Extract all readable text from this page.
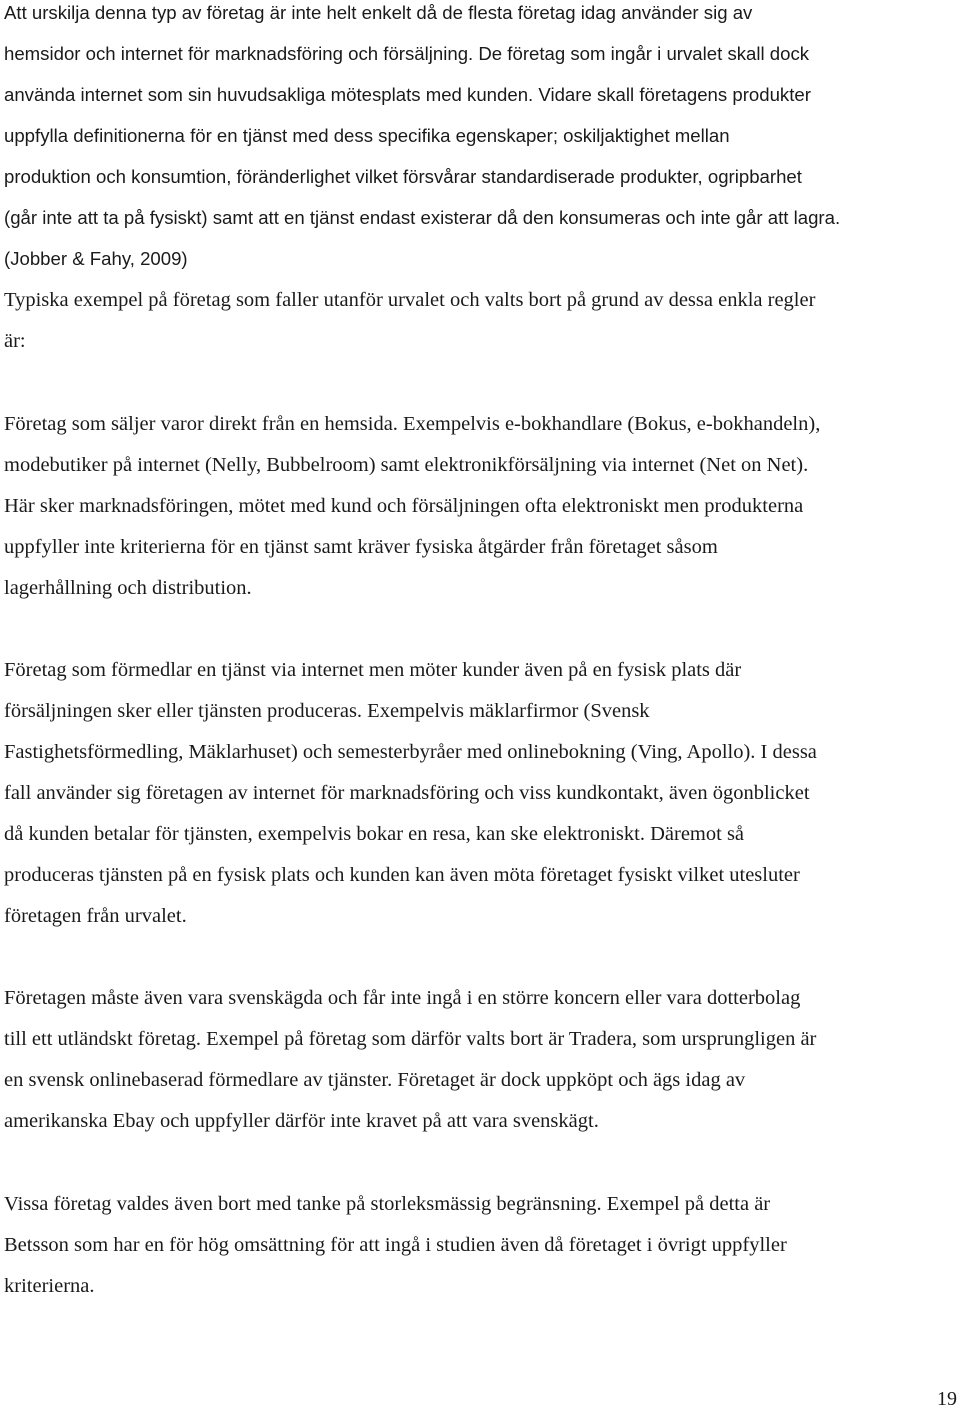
Att urskilja denna typ av företag är inte helt enkelt då de flesta företag idag använder sig av

hemsidor och internet för marknadsföring och försäljning. De företag som ingår i urvalet skall dock

använda internet som sin huvudsakliga mötesplats med kunden. Vidare skall företagens produkter

uppfylla definitionerna för en tjänst med dess specifika egenskaper; oskiljaktighet mellan

produktion och konsumtion, föränderlighet vilket försvårar standardiserade produkter, ogripbarhet

(går inte att ta på fysiskt) samt att en tjänst endast existerar då den konsumeras och inte går att lagra.

(Jobber & Fahy, 2009)

Typiska exempel på företag som faller utanför urvalet och valts bort på grund av dessa enkla regler

är:

Företag som säljer varor direkt från en hemsida. Exempelvis e-bokhandlare (Bokus, e-bokhandeln),

modebutiker på internet (Nelly, Bubbelroom) samt elektronikförsäljning via internet (Net on Net).

Här sker marknadsföringen, mötet med kund och försäljningen ofta elektroniskt men produkterna

uppfyller inte kriterierna för en tjänst samt kräver fysiska åtgärder från företaget såsom

lagerhållning och distribution.

Företag som förmedlar en tjänst via internet men möter kunder även på en fysisk plats där

försäljningen sker eller tjänsten produceras. Exempelvis mäklarfirmor (Svensk

Fastighetsförmedling, Mäklarhuset) och semesterbyråer med onlinebokning (Ving, Apollo). I dessa

fall använder sig företagen av internet för marknadsföring och viss kundkontakt, även ögonblicket

då kunden betalar för tjänsten, exempelvis bokar en resa, kan ske elektroniskt. Däremot så

produceras tjänsten på en fysisk plats och kunden kan även möta företaget fysiskt vilket utesluter

företagen från urvalet.

Företagen måste även vara svenskägda och får inte ingå i en större koncern eller vara dotterbolag

till ett utländskt företag. Exempel på företag som därför valts bort är Tradera, som ursprungligen är

en svensk onlinebaserad förmedlare av tjänster. Företaget är dock uppköpt och ägs idag av

amerikanska Ebay och uppfyller därför inte kravet på att vara svenskägt.

Vissa företag valdes även bort med tanke på storleksmässig begränsning. Exempel på detta är

Betsson som har en för hög omsättning för att ingå i studien även då företaget i övrigt uppfyller

kriterierna.

19
